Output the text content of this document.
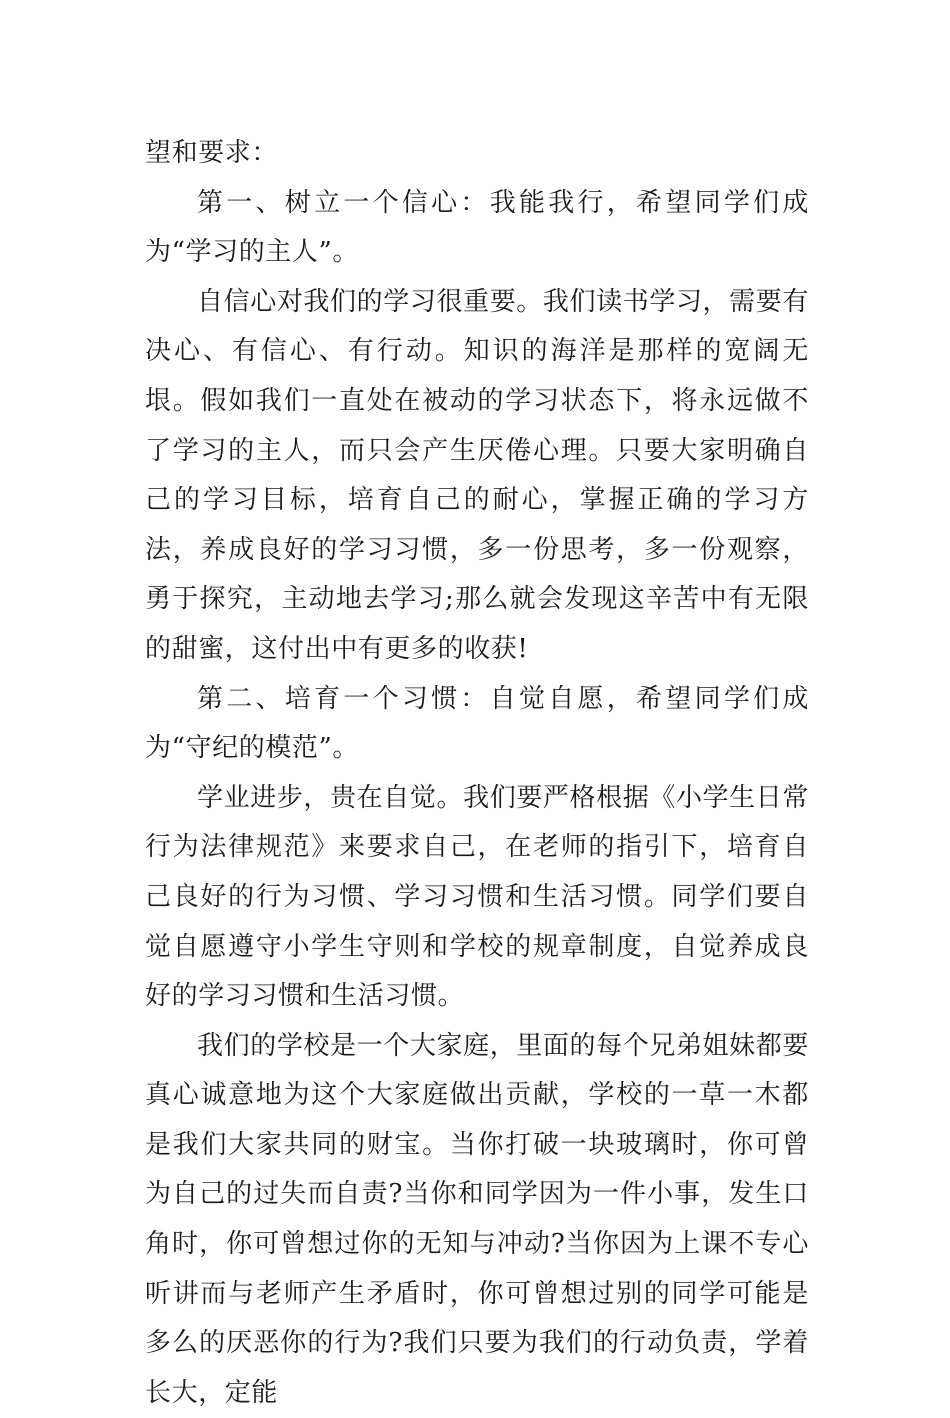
望和要求：

第一、树立一个信心：我能我行，希望同学们成为“学习的主人”。

自信心对我们的学习很重要。我们读书学习，需要有决心、有信心、有行动。知识的海洋是那样的宽阔无垠。假如我们一直处在被动的学习状态下，将永远做不了学习的主人，而只会产生厌倦心理。只要大家明确自己的学习目标，培育自己的耐心，掌握正确的学习方法，养成良好的学习习惯，多一份思考，多一份观察，勇于探究，主动地去学习;那么就会发现这辛苦中有无限的甜蜜，这付出中有更多的收获!

第二、培育一个习惯：自觉自愿，希望同学们成为“守纪的模范”。

学业进步，贵在自觉。我们要严格根据《小学生日常行为法律规范》来要求自己，在老师的指引下，培育自己良好的行为习惯、学习习惯和生活习惯。同学们要自觉自愿遵守小学生守则和学校的规章制度，自觉养成良好的学习习惯和生活习惯。

我们的学校是一个大家庭，里面的每个兄弟姐妹都要真心诚意地为这个大家庭做出贡献，学校的一草一木都是我们大家共同的财宝。当你打破一块玻璃时，你可曾为自己的过失而自责?当你和同学因为一件小事，发生口角时，你可曾想过你的无知与冲动?当你因为上课不专心听讲而与老师产生矛盾时，你可曾想过别的同学可能是多么的厌恶你的行为?我们只要为我们的行动负责，学着长大，定能
